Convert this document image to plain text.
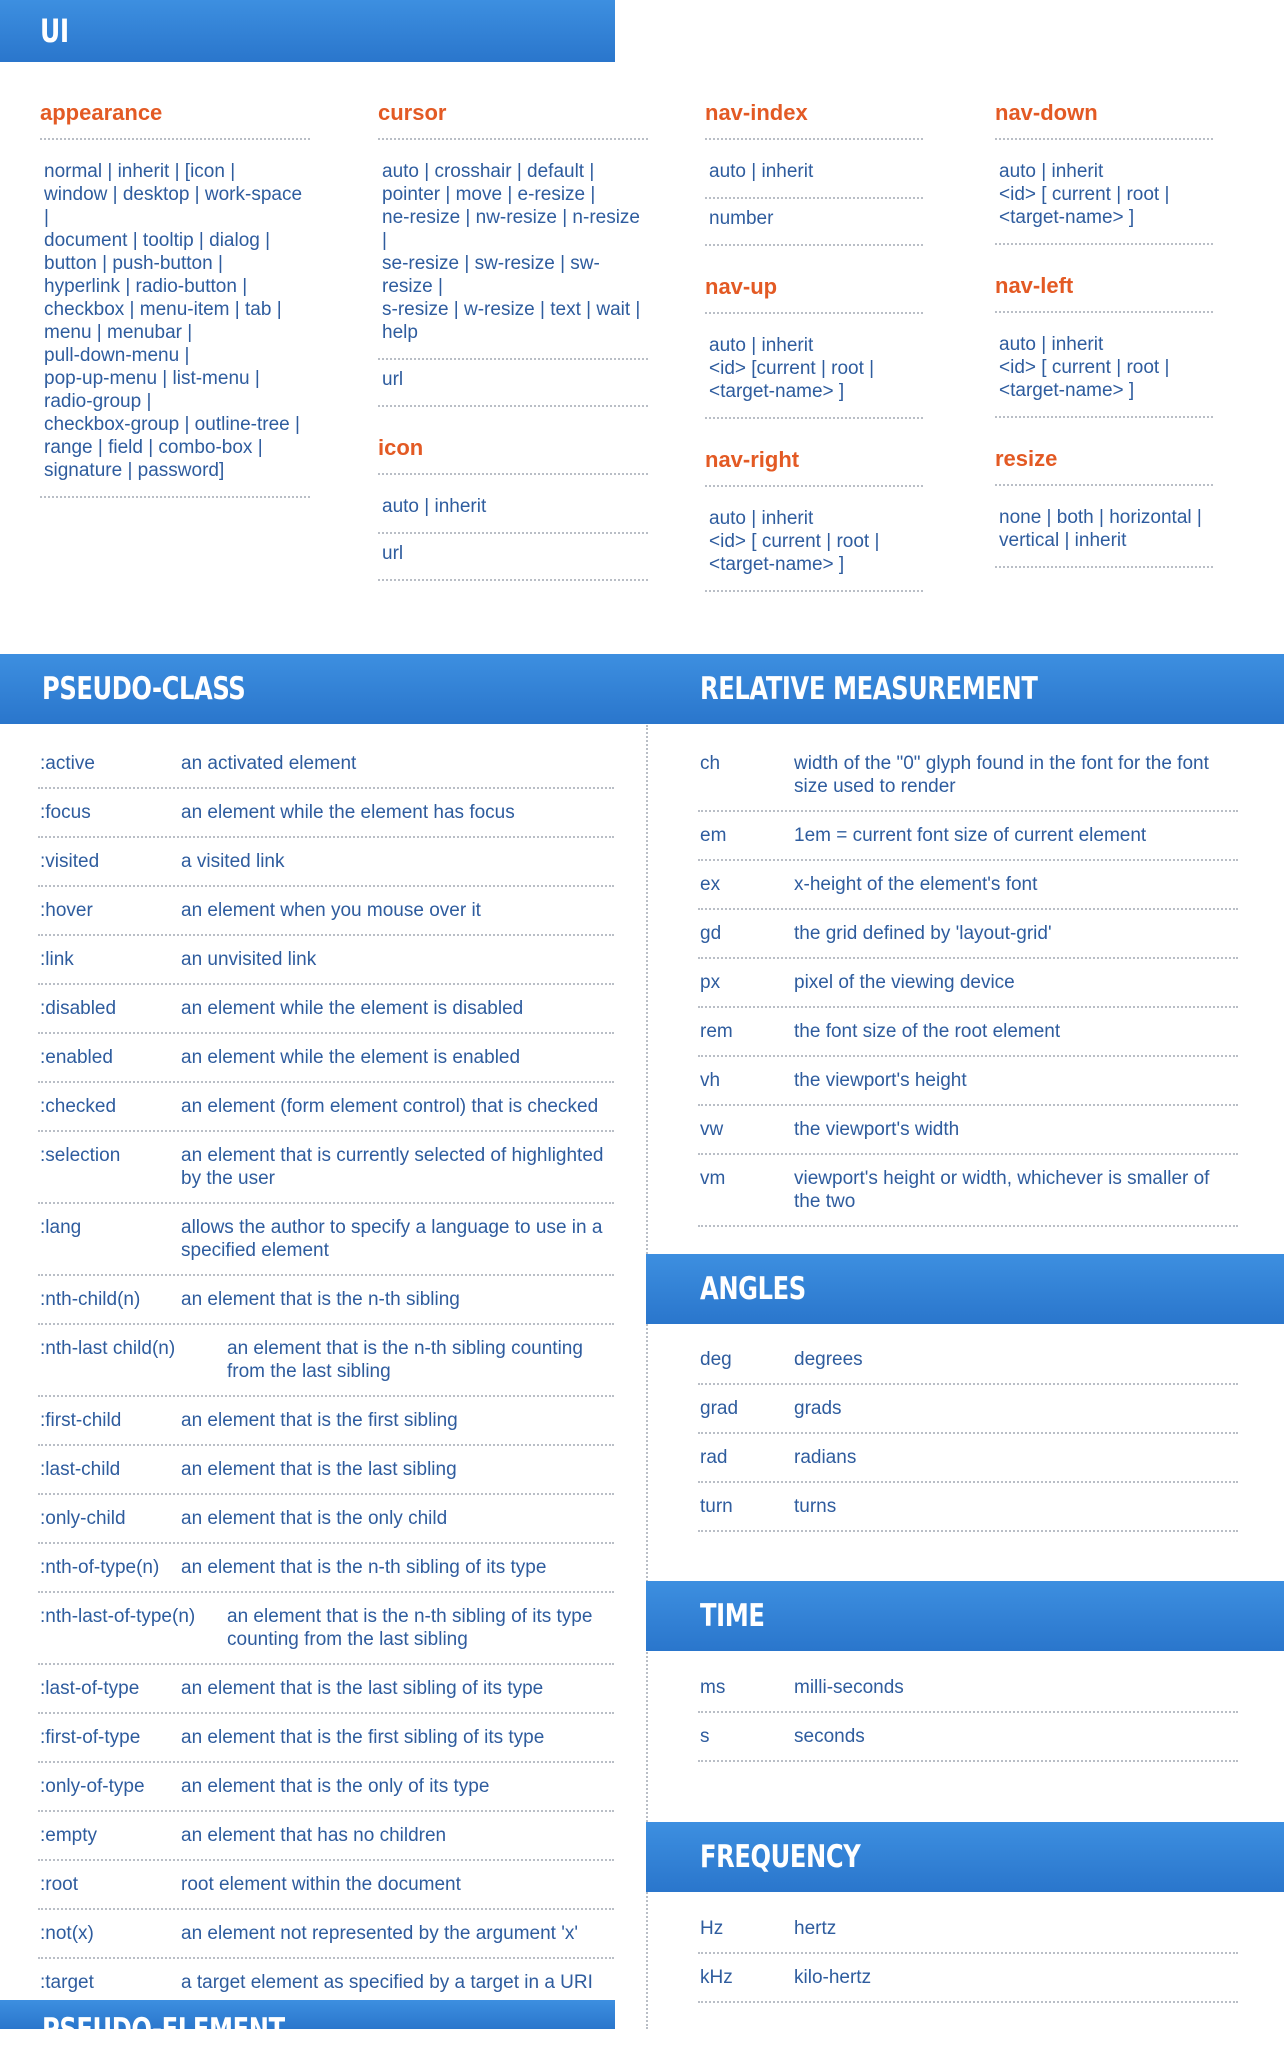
UI
appearance
normal | inherit | [icon |
window | desktop | work-space |
document | tooltip | dialog |
button | push-button |
hyperlink | radio-button |
checkbox | menu-item | tab |
menu | menubar |
pull-down-menu |
pop-up-menu | list-menu |
radio-group |
checkbox-group | outline-tree |
range | field | combo-box |
signature | password]
cursor
auto | crosshair | default |
pointer | move | e-resize |
ne-resize | nw-resize | n-resize |
se-resize | sw-resize | sw-resize |
s-resize | w-resize | text | wait |
help
url
icon
auto | inherit
url
nav-index
auto | inherit
number
nav-up
auto | inherit
<id> [current | root |
<target-name> ]
nav-right
auto | inherit
<id> [ current | root |
<target-name> ]
nav-down
auto | inherit
<id> [ current | root |
<target-name> ]
nav-left
auto | inherit
<id> [ current | root |
<target-name> ]
resize
none | both | horizontal |
vertical | inherit
PSEUDO-CLASS	RELATIVE MEASUREMENT
:active	an activated element
:focus	an element while the element has focus
:visited	a visited link
:hover	an element when you mouse over it
:link	an unvisited link
:disabled	an element while the element is disabled
:enabled	an element while the element is enabled
:checked	an element (form element control) that is checked
:selection	an element that is currently selected of highlighted by the user
:lang	allows the author to specify a language to use in a specified element
:nth-child(n)	an element that is the n-th sibling
:nth-last child(n)	an element that is the n-th sibling counting from the last sibling
:first-child	an element that is the first sibling
:last-child	an element that is the last sibling
:only-child	an element that is the only child
:nth-of-type(n)	an element that is the n-th sibling of its type
:nth-last-of-type(n)	an element that is the n-th sibling of its type counting from the last sibling
:last-of-type	an element that is the last sibling of its type
:first-of-type	an element that is the first sibling of its type
:only-of-type	an element that is the only of its type
:empty	an element that has no children
:root	root element within the document
:not(x)	an element not represented by the argument 'x'
:target	a target element as specified by a target in a URI
ch	width of the "0" glyph found in the font for the font size used to render
em	1em = current font size of current element
ex	x-height of the element's font
gd	the grid defined by 'layout-grid'
px	pixel of the viewing device
rem	the font size of the root element
vh	the viewport's height
vw	the viewport's width
vm	viewport's height or width, whichever is smaller of the two
ANGLES
deg	degrees
grad	grads
rad	radians
turn	turns
TIME
ms	milli-seconds
s	seconds
FREQUENCY
Hz	hertz
kHz	kilo-hertz
PSEUDO-ELEMENT
